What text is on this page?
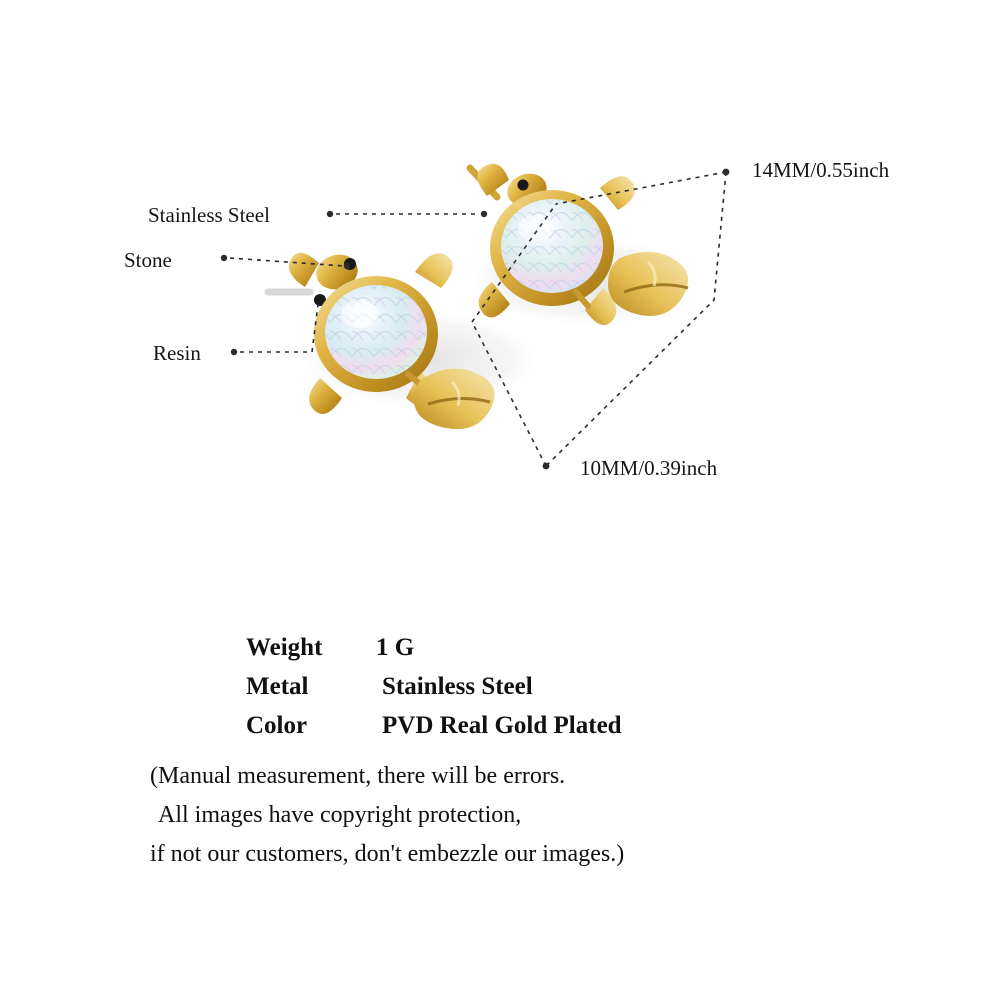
Stainless Steel
Stone
Resin
14MM/0.55inch
10MM/0.39inch
Weight	1 G
Metal	Stainless Steel
Color	PVD Real Gold Plated
(Manual measurement, there will be errors.
All images have copyright protection,
if not our customers, don't embezzle our images.)
